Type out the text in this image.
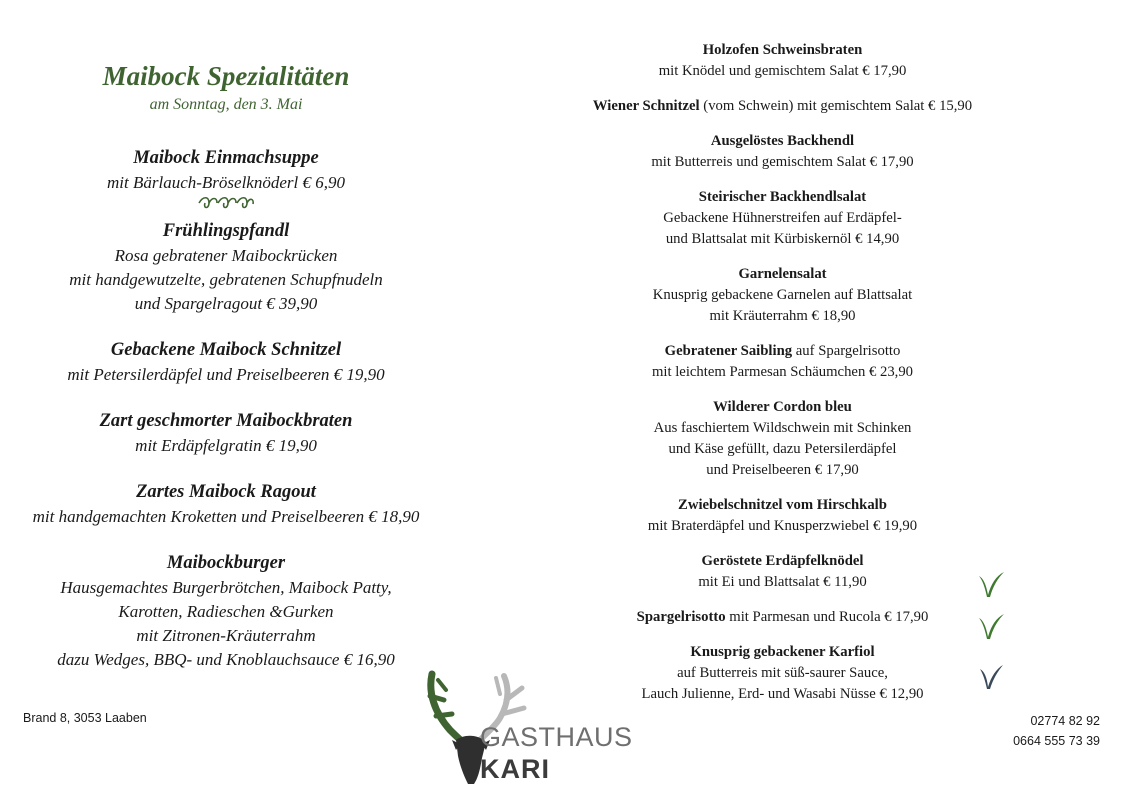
Maibock Spezialitäten
am Sonntag, den 3. Mai
Maibock Einmachsuppe
mit Bärlauch-Bröselknöderl € 6,90
Frühlingspfandl
Rosa gebratener Maibockrücken
mit handgewutzelte, gebratenen Schupfnudeln
und Spargelragout € 39,90
Gebackene Maibock Schnitzel
mit Petersilerdäpfel und Preiselbeeren € 19,90
Zart geschmorter Maibockbraten
mit Erdäpfelgratin € 19,90
Zartes Maibock Ragout
mit handgemachten Kroketten und Preiselbeeren € 18,90
Maibockburger
Hausgemachtes Burgerbrötchen, Maibock Patty,
Karotten, Radieschen &Gurken
mit Zitronen-Kräuterrahm
dazu Wedges, BBQ- und Knoblauchsauce € 16,90
Holzofen Schweinsbraten
mit Knödel und gemischtem Salat € 17,90
Wiener Schnitzel (vom Schwein) mit gemischtem Salat € 15,90
Ausgelöstes Backhendl
mit Butterreis und gemischtem Salat € 17,90
Steirischer Backhendlsalat
Gebackene Hühnerstreifen auf Erdäpfel-
und Blattsalat mit Kürbiskernöl € 14,90
Garnelensalat
Knusprig gebackene Garnelen auf Blattsalat
mit Kräuterrahm € 18,90
Gebratener Saibling auf Spargelrisotto
mit leichtem Parmesan Schäumchen € 23,90
Wilderer Cordon bleu
Aus faschiertem Wildschwein mit Schinken
und Käse gefüllt, dazu Petersilerdäpfel
und Preiselbeeren € 17,90
Zwiebelschnitzel vom Hirschkalb
mit Braterdäpfel und Knusperzwiebel € 19,90
Geröstete Erdäpfelknödel
mit Ei und Blattsalat € 11,90
Spargelrisotto mit Parmesan und Rucola € 17,90
Knusprig gebackener Karfiol
auf Butterreis mit süß-saurer Sauce,
Lauch Julienne, Erd- und Wasabi Nüsse € 12,90
Brand 8, 3053 Laaben	02774 82 92
0664 555 73 39
GASTHAUS
KARI
